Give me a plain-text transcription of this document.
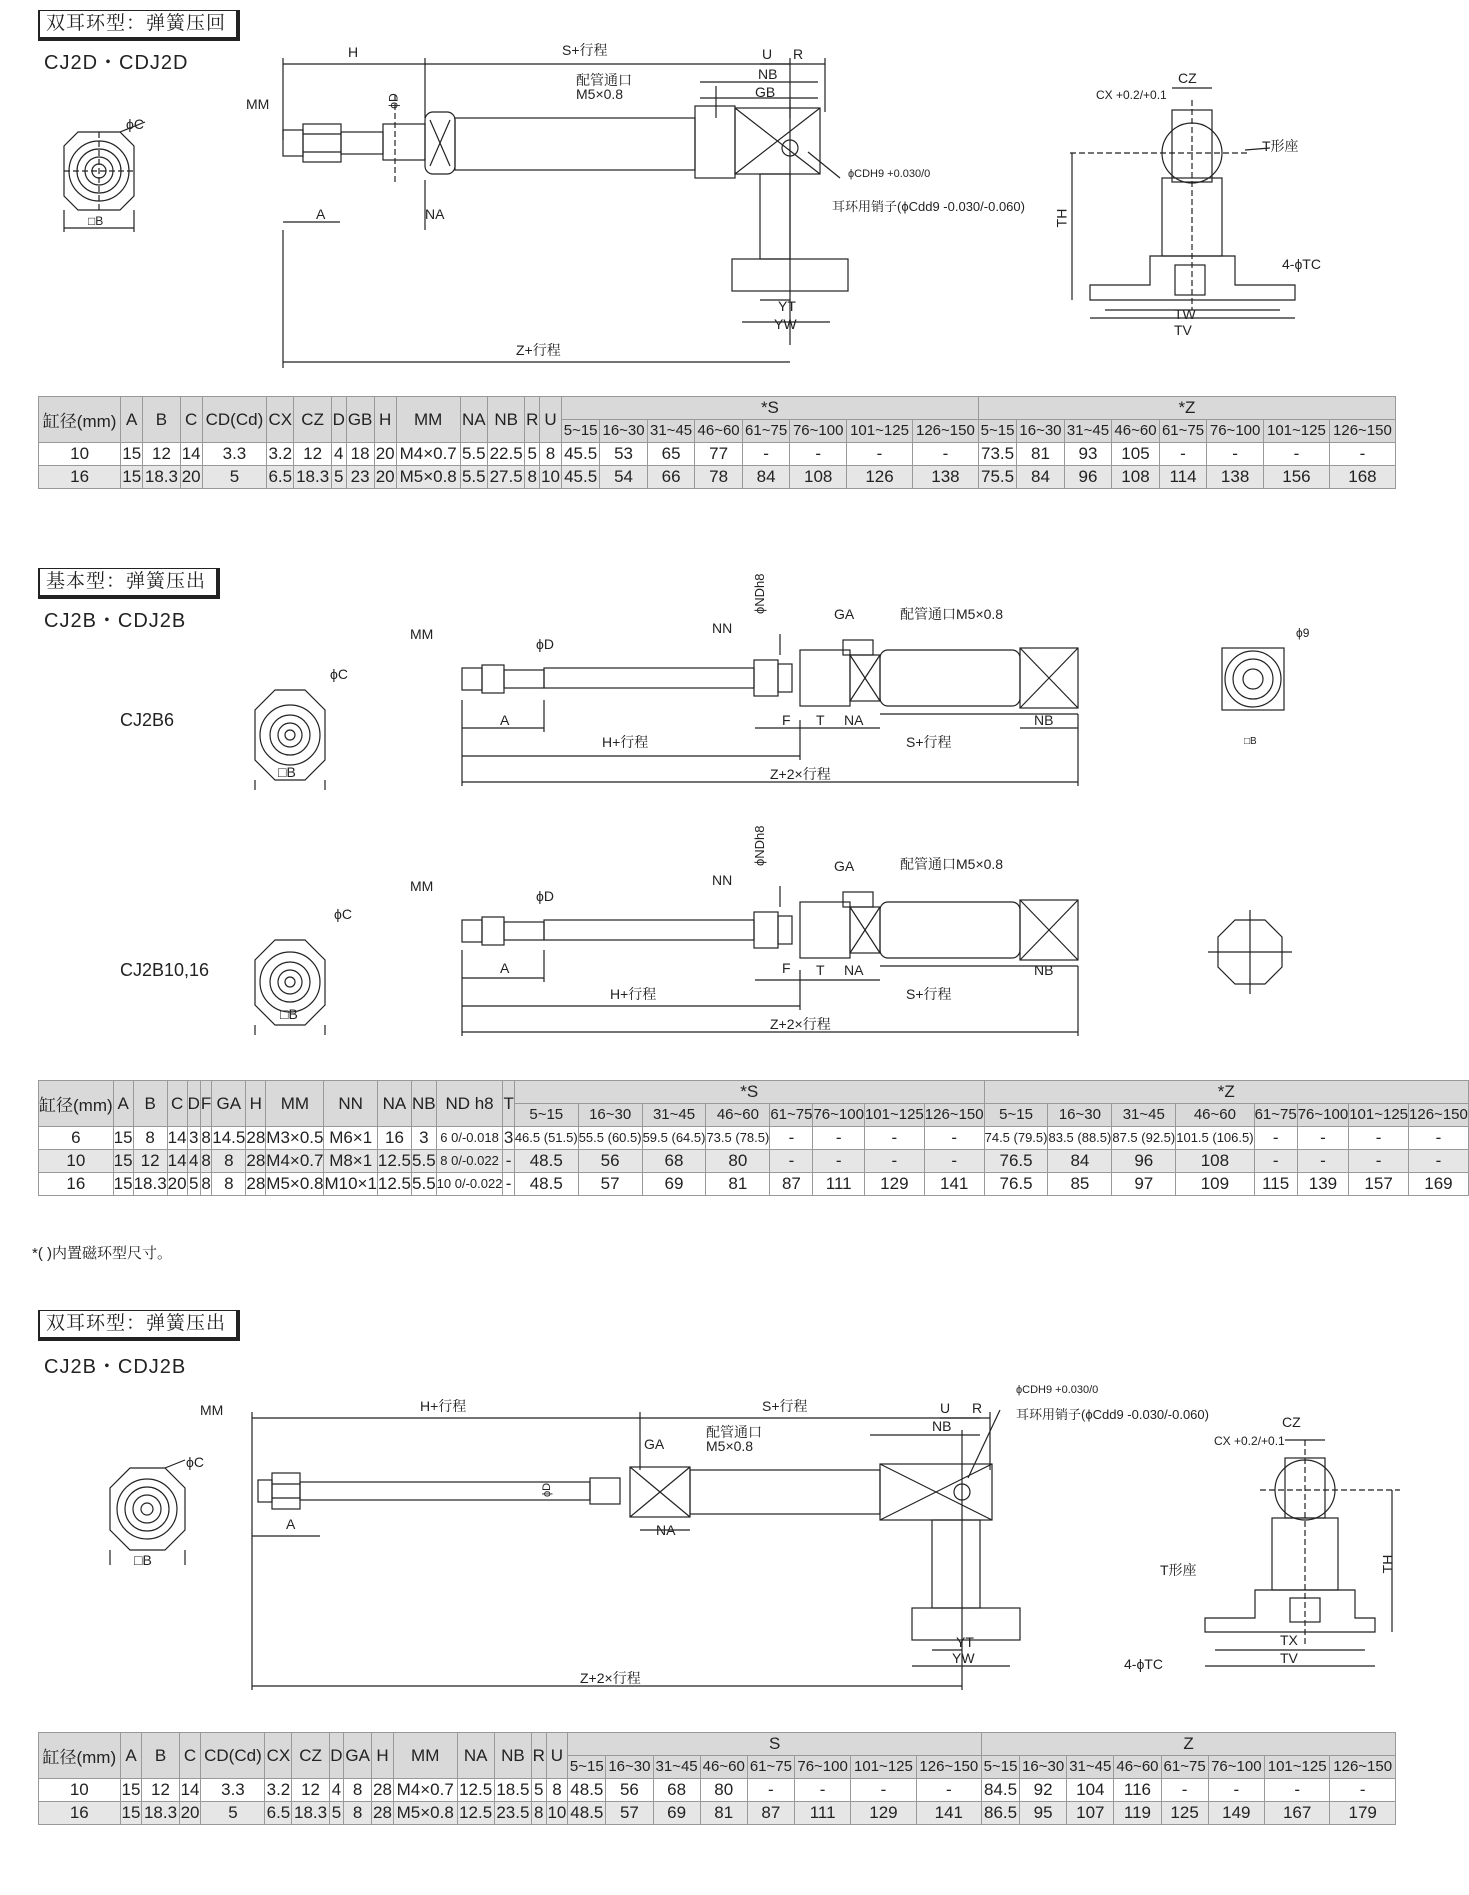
双耳环型：弹簧压回
CJ2D・CDJ2D
ϕC
□B
MM
H
ϕD
A	NA
S+行程	U R
NB
GB
配管通口
M5×0.8
ϕCDH9 +0.030/0
耳环用销子(ϕCdd9 -0.030/-0.060)
YT
YW
Z+行程
CZ
CX +0.2/+0.1
TH
T形座
4-ϕTC
TW
TV
缸径(mm)	A	B	C	CD(Cd)	CX	CZ	D	GB	H	MM	NA	NB	R	U	*S								*Z							
															5~15	16~30	31~45	46~60	61~75	76~100	101~125	126~150	5~15	16~30	31~45	46~60	61~75	76~100	101~125	126~150
10	15	12	14	3.3	3.2	12	4	18	20	M4×0.7	5.5	22.5	5	8	45.5	53	65	77	-	-	-	-	73.5	81	93	105	-	-	-	-
16	15	18.3	20	5	6.5	18.3	5	23	20	M5×0.8	5.5	27.5	8	10	45.5	54	66	78	84	108	126	138	75.5	84	96	108	114	138	156	168
基本型：弹簧压出
CJ2B・CDJ2B
CJ2B6
CJ2B10,16
MM
ϕD
NN
ϕNDh8	GA	配管通口M5×0.8
ϕC
□B
A	F T NA	NB
H+行程	S+行程
Z+2×行程
ϕ9
□B
MM
ϕD
NN
ϕNDh8	GA	配管通口M5×0.8
ϕC
□B
A	F T NA	NB
H+行程	S+行程
Z+2×行程
缸径(mm)	A	B	C	D	F	GA	H	MM	NN	NA	NB	ND h8	T	*S								*Z							
														5~15	16~30	31~45	46~60	61~75	76~100	101~125	126~150	5~15	16~30	31~45	46~60	61~75	76~100	101~125	126~150
6	15	8	14	3	8	14.5	28	M3×0.5	M6×1	16	3	6 0/-0.018	3	46.5 (51.5)	55.5 (60.5)	59.5 (64.5)	73.5 (78.5)	-	-	-	-	74.5 (79.5)	83.5 (88.5)	87.5 (92.5)	101.5 (106.5)	-	-	-	-
10	15	12	14	4	8	8	28	M4×0.7	M8×1	12.5	5.5	8 0/-0.022	-	48.5	56	68	80	-	-	-	-	76.5	84	96	108	-	-	-	-
16	15	18.3	20	5	8	8	28	M5×0.8	M10×1	12.5	5.5	10 0/-0.022	-	48.5	57	69	81	87	111	129	141	76.5	85	97	109	115	139	157	169
*( )内置磁环型尺寸。
双耳环型：弹簧压出
CJ2B・CDJ2B
MM
ϕC
□B
H+行程	S+行程	U R
NB
GA
配管通口
M5×0.8
ϕD
A	NA
ϕCDH9 +0.030/0
耳环用销子(ϕCdd9 -0.030/-0.060)
YT
YW
Z+2×行程
CZ
CX +0.2/+0.1
TH
T形座
4-ϕTC
TX
TV
缸径(mm)	A	B	C	CD(Cd)	CX	CZ	D	GA	H	MM	NA	NB	R	U	S								Z							
															5~15	16~30	31~45	46~60	61~75	76~100	101~125	126~150	5~15	16~30	31~45	46~60	61~75	76~100	101~125	126~150
10	15	12	14	3.3	3.2	12	4	8	28	M4×0.7	12.5	18.5	5	8	48.5	56	68	80	-	-	-	-	84.5	92	104	116	-	-	-	-
16	15	18.3	20	5	6.5	18.3	5	8	28	M5×0.8	12.5	23.5	8	10	48.5	57	69	81	87	111	129	141	86.5	95	107	119	125	149	167	179
